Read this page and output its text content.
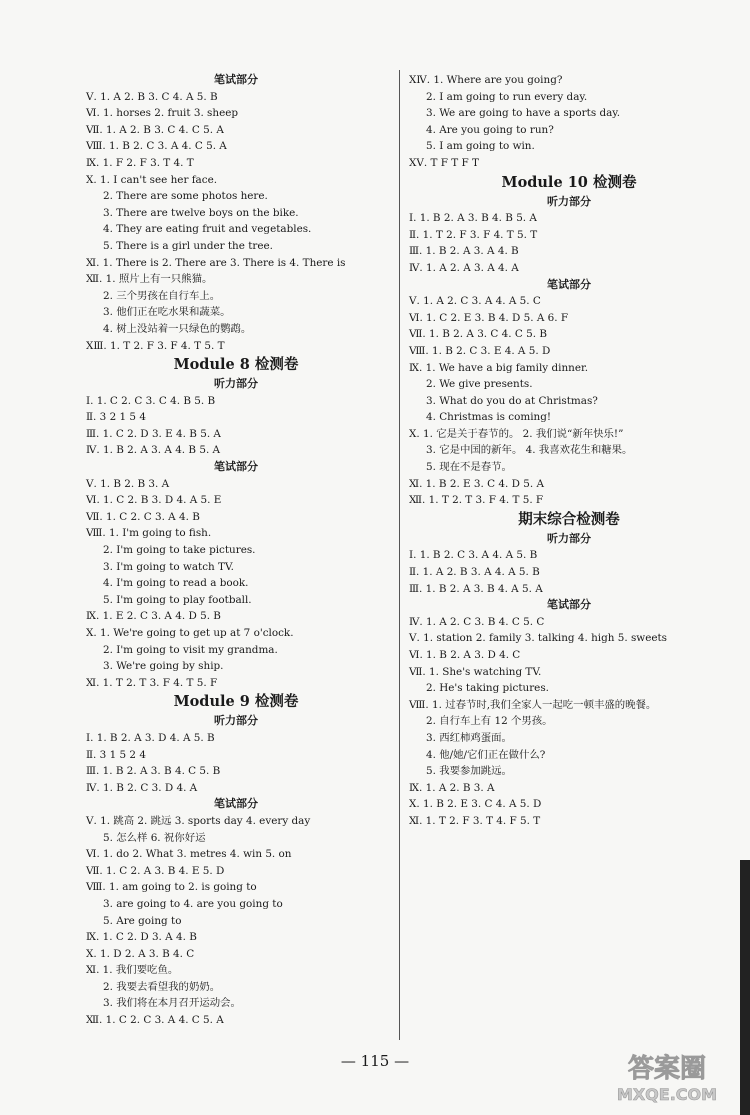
笔试部分
Ⅴ. 1. A 2. B 3. C 4. A 5. B
Ⅵ. 1. horses 2. fruit 3. sheep
Ⅶ. 1. A 2. B 3. C 4. C 5. A
Ⅷ. 1. B 2. C 3. A 4. C 5. A
Ⅸ. 1. F 2. F 3. T 4. T
Ⅹ. 1. I can't see her face.
2. There are some photos here.
3. There are twelve boys on the bike.
4. They are eating fruit and vegetables.
5. There is a girl under the tree.
Ⅺ. 1. There is 2. There are 3. There is 4. There is
Ⅻ. 1. 照片上有一只熊猫。
2. 三个男孩在自行车上。
3. 他们正在吃水果和蔬菜。
4. 树上没站着一只绿色的鹦鹉。
XⅢ. 1. T 2. F 3. F 4. T 5. T
Module 8 检测卷
听力部分
Ⅰ. 1. C 2. C 3. C 4. B 5. B
Ⅱ. 3 2 1 5 4
Ⅲ. 1. C 2. D 3. E 4. B 5. A
Ⅳ. 1. B 2. A 3. A 4. B 5. A
笔试部分
Ⅴ. 1. B 2. B 3. A
Ⅵ. 1. C 2. B 3. D 4. A 5. E
Ⅶ. 1. C 2. C 3. A 4. B
Ⅷ. 1. I'm going to fish.
2. I'm going to take pictures.
3. I'm going to watch TV.
4. I'm going to read a book.
5. I'm going to play football.
Ⅸ. 1. E 2. C 3. A 4. D 5. B
Ⅹ. 1. We're going to get up at 7 o'clock.
2. I'm going to visit my grandma.
3. We're going by ship.
Ⅺ. 1. T 2. T 3. F 4. T 5. F
Module 9 检测卷
听力部分
Ⅰ. 1. B 2. A 3. D 4. A 5. B
Ⅱ. 3 1 5 2 4
Ⅲ. 1. B 2. A 3. B 4. C 5. B
Ⅳ. 1. B 2. C 3. D 4. A
笔试部分
Ⅴ. 1. 跳高 2. 跳远 3. sports day 4. every day
5. 怎么样 6. 祝你好运
Ⅵ. 1. do 2. What 3. metres 4. win 5. on
Ⅶ. 1. C 2. A 3. B 4. E 5. D
Ⅷ. 1. am going to 2. is going to
3. are going to 4. are you going to
5. Are going to
Ⅸ. 1. C 2. D 3. A 4. B
Ⅹ. 1. D 2. A 3. B 4. C
Ⅺ. 1. 我们要吃鱼。
2. 我要去看望我的奶奶。
3. 我们将在本月召开运动会。
Ⅻ. 1. C 2. C 3. A 4. C 5. A
XⅣ. 1. Where are you going?
2. I am going to run every day.
3. We are going to have a sports day.
4. Are you going to run?
5. I am going to win.
XⅤ. T F T F T
Module 10 检测卷
听力部分
Ⅰ. 1. B 2. A 3. B 4. B 5. A
Ⅱ. 1. T 2. F 3. F 4. T 5. T
Ⅲ. 1. B 2. A 3. A 4. B
Ⅳ. 1. A 2. A 3. A 4. A
笔试部分
Ⅴ. 1. A 2. C 3. A 4. A 5. C
Ⅵ. 1. C 2. E 3. B 4. D 5. A 6. F
Ⅶ. 1. B 2. A 3. C 4. C 5. B
Ⅷ. 1. B 2. C 3. E 4. A 5. D
Ⅸ. 1. We have a big family dinner.
2. We give presents.
3. What do you do at Christmas?
4. Christmas is coming!
Ⅹ. 1. 它是关于春节的。 2. 我们说“新年快乐!”
3. 它是中国的新年。 4. 我喜欢花生和糖果。
5. 现在不是春节。
Ⅺ. 1. B 2. E 3. C 4. D 5. A
Ⅻ. 1. T 2. T 3. F 4. T 5. F
期末综合检测卷
听力部分
Ⅰ. 1. B 2. C 3. A 4. A 5. B
Ⅱ. 1. A 2. B 3. A 4. A 5. B
Ⅲ. 1. B 2. A 3. B 4. A 5. A
笔试部分
Ⅳ. 1. A 2. C 3. B 4. C 5. C
Ⅴ. 1. station 2. family 3. talking 4. high 5. sweets
Ⅵ. 1. B 2. A 3. D 4. C
Ⅶ. 1. She's watching TV.
2. He's taking pictures.
Ⅷ. 1. 过春节时,我们全家人一起吃一顿丰盛的晚餐。
2. 自行车上有 12 个男孩。
3. 西红柿鸡蛋面。
4. 他/她/它们正在做什么?
5. 我要参加跳远。
Ⅸ. 1. A 2. B 3. A
Ⅹ. 1. B 2. E 3. C 4. A 5. D
Ⅺ. 1. T 2. F 3. T 4. F 5. T
— 115 —	答案圈
MXQE.COM
